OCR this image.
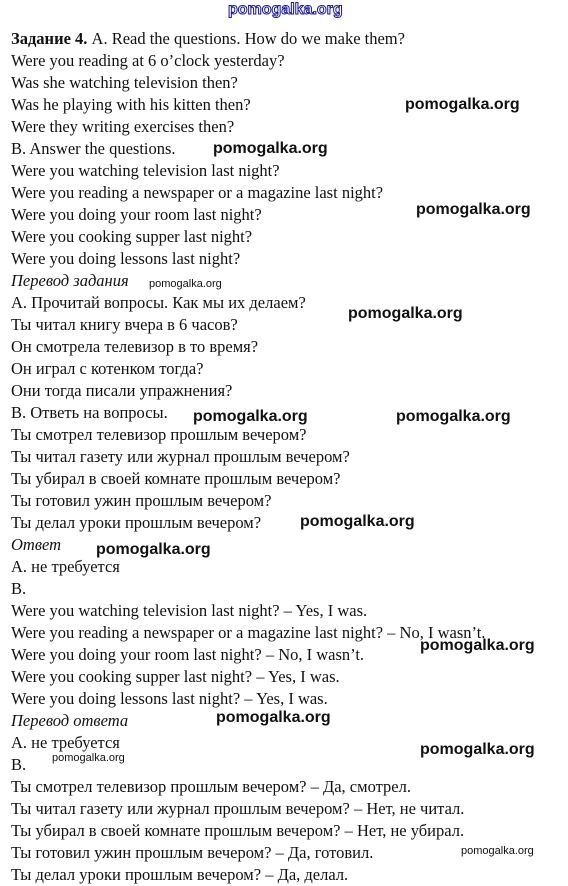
pomogalka.org

Задание 4. A. Read the questions. How do we make them?

Were you reading at 6 o’clock yesterday?

Was she watching television then?

Was he playing with his kitten then?

Were they writing exercises then?

B. Answer the questions.

Were you watching television last night?

Were you reading a newspaper or a magazine last night?

Were you doing your room last night?

Were you cooking supper last night?

Were you doing lessons last night?

Перевод задания

A. Прочитай вопросы. Как мы их делаем?

Ты читал книгу вчера в 6 часов?

Он смотрела телевизор в то время?

Он играл с котенком тогда?

Они тогда писали упражнения?

B. Ответь на вопросы.

Ты смотрел телевизор прошлым вечером?

Ты читал газету или журнал прошлым вечером?

Ты убирал в своей комнате прошлым вечером?

Ты готовил ужин прошлым вечером?

Ты делал уроки прошлым вечером?

Ответ

A. не требуется

B.

Were you watching television last night? – Yes, I was.

Were you reading a newspaper or a magazine last night? – No, I wasn’t.

Were you doing your room last night? – No, I wasn’t.

Were you cooking supper last night? – Yes, I was.

Were you doing lessons last night? – Yes, I was.

Перевод ответа

A. не требуется

B.

Ты смотрел телевизор прошлым вечером? – Да, смотрел.

Ты читал газету или журнал прошлым вечером? – Нет, не читал.

Ты убирал в своей комнате прошлым вечером? – Нет, не убирал.

Ты готовил ужин прошлым вечером? – Да, готовил.

Ты делал уроки прошлым вечером? – Да, делал.

pomogalka.org
pomogalka.org
pomogalka.org
pomogalka.org
pomogalka.org
pomogalka.org	pomogalka.org
pomogalka.org
pomogalka.org
pomogalka.org
pomogalka.org
pomogalka.org
pomogalka.org
pomogalka.org
